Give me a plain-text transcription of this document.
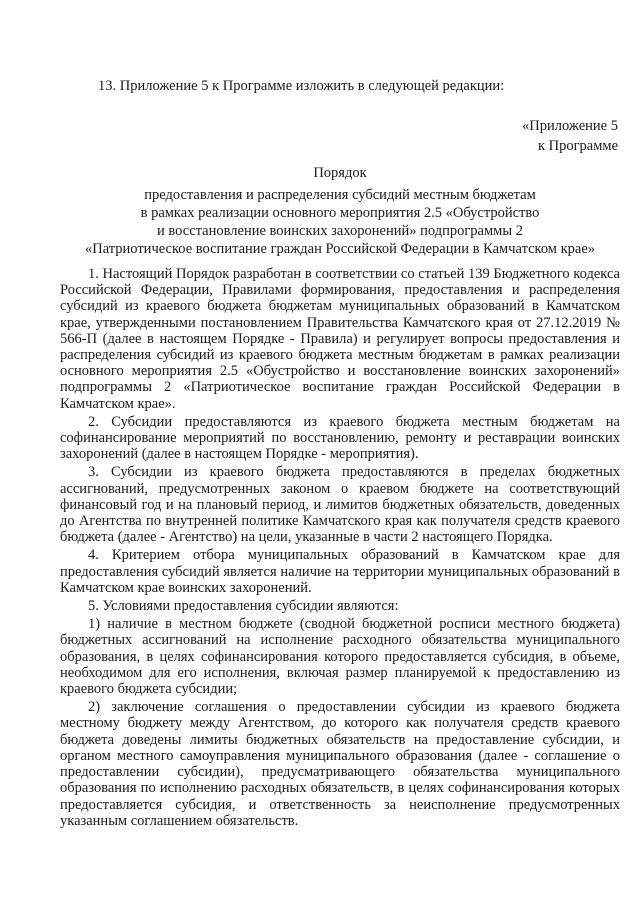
13. Приложение 5 к Программе изложить в следующей редакции:
«Приложение 5
к Программе
Порядок
предоставления и распределения субсидий местным бюджетам
в рамках реализации основного мероприятия 2.5 «Обустройство
и восстановление воинских захоронений» подпрограммы 2
«Патриотическое воспитание граждан Российской Федерации в Камчатском крае»

1. Настоящий Порядок разработан в соответствии со статьей 139 Бюджетного кодекса Российской Федерации, Правилами формирования, предоставления и распределения субсидий из краевого бюджета бюджетам муниципальных образований в Камчатском крае, утвержденными постановлением Правительства Камчатского края от 27.12.2019 № 566-П (далее в настоящем Порядке - Правила) и регулирует вопросы предоставления и распределения субсидий из краевого бюджета местным бюджетам в рамках реализации основного мероприятия 2.5 «Обустройство и восстановление воинских захоронений» подпрограммы 2 «Патриотическое воспитание граждан Российской Федерации в Камчатском крае».

2. Субсидии предоставляются из краевого бюджета местным бюджетам на софинансирование мероприятий по восстановлению, ремонту и реставрации воинских захоронений (далее в настоящем Порядке - мероприятия).

3. Субсидии из краевого бюджета предоставляются в пределах бюджетных ассигнований, предусмотренных законом о краевом бюджете на соответствующий финансовый год и на плановый период, и лимитов бюджетных обязательств, доведенных до Агентства по внутренней политике Камчатского края как получателя средств краевого бюджета (далее - Агентство) на цели, указанные в части 2 настоящего Порядка.

4. Критерием отбора муниципальных образований в Камчатском крае для предоставления субсидий является наличие на территории муниципальных образований в Камчатском крае воинских захоронений.

5. Условиями предоставления субсидии являются:

1) наличие в местном бюджете (сводной бюджетной росписи местного бюджета) бюджетных ассигнований на исполнение расходного обязательства муниципального образования, в целях софинансирования которого предоставляется субсидия, в объеме, необходимом для его исполнения, включая размер планируемой к предоставлению из краевого бюджета субсидии;

2) заключение соглашения о предоставлении субсидии из краевого бюджета местному бюджету между Агентством, до которого как получателя средств краевого бюджета доведены лимиты бюджетных обязательств на предоставление субсидии, и органом местного самоуправления муниципального образования (далее - соглашение о предоставлении субсидии), предусматривающего обязательства муниципального образования по исполнению расходных обязательств, в целях софинансирования которых предоставляется субсидия, и ответственность за неисполнение предусмотренных указанным соглашением обязательств.
